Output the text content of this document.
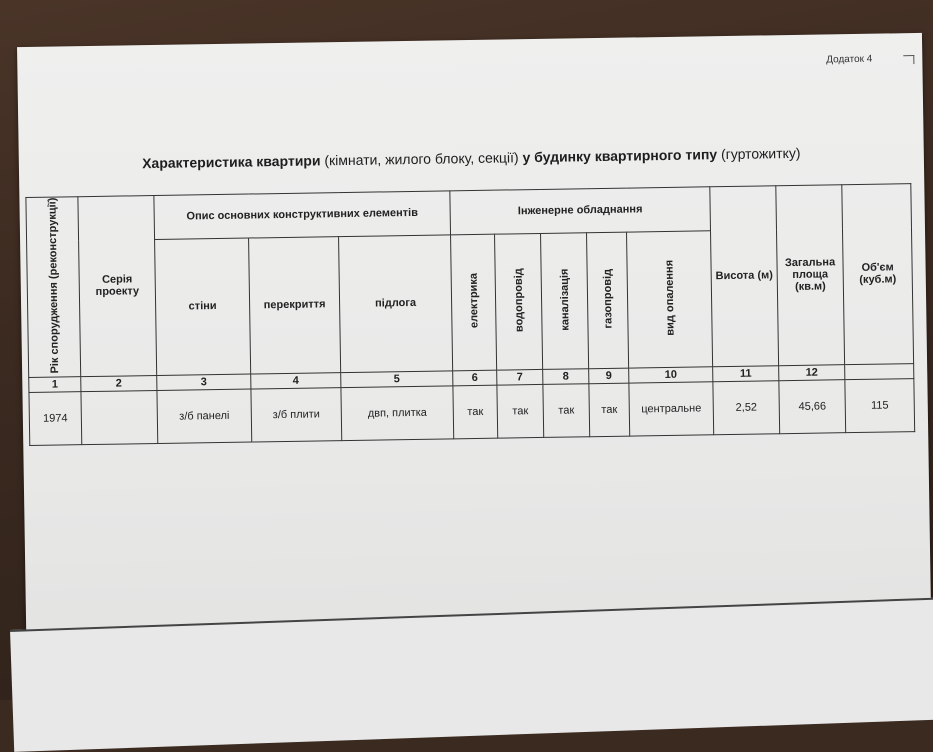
Додаток 4
Характеристика квартири (кімнати, жилого блоку, секції) у будинку квартирного типу (гуртожитку)
Рік спорудження (реконструкції)	Серія проекту	Опис основних конструктивних елементів			Інженерне обладнання					Висота (м)	Загальна площа (кв.м)	Об'єм (куб.м)
		стіни	перекриття	підлога	електрика	водопровід	каналізація	газопровід	вид опалення			
1	2	3	4	5	6	7	8	9	10	11	12	
1974		з/б панелі	з/б плити	двп, плитка	так	так	так	так	центральне	2,52	45,66	115
